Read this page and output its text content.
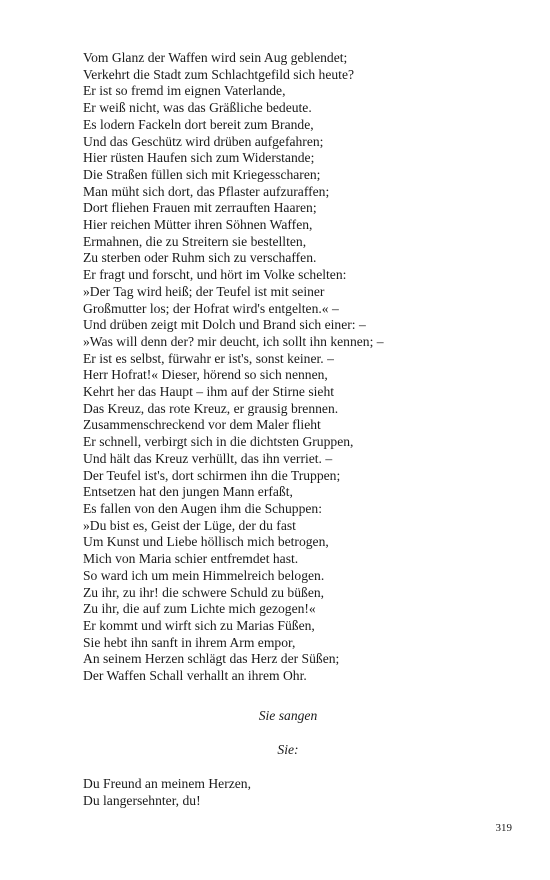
Vom Glanz der Waffen wird sein Aug geblendet;

Verkehrt die Stadt zum Schlachtgefild sich heute?

Er ist so fremd im eignen Vaterlande,

Er weiß nicht, was das Gräßliche bedeute.

Es lodern Fackeln dort bereit zum Brande,

Und das Geschütz wird drüben aufgefahren;

Hier rüsten Haufen sich zum Widerstande;

Die Straßen füllen sich mit Kriegesscharen;

Man müht sich dort, das Pflaster aufzuraffen;

Dort fliehen Frauen mit zerrauften Haaren;

Hier reichen Mütter ihren Söhnen Waffen,

Ermahnen, die zu Streitern sie bestellten,

Zu sterben oder Ruhm sich zu verschaffen.

Er fragt und forscht, und hört im Volke schelten:

»Der Tag wird heiß; der Teufel ist mit seiner

Großmutter los; der Hofrat wird's entgelten.« –

Und drüben zeigt mit Dolch und Brand sich einer: –

»Was will denn der? mir deucht, ich sollt ihn kennen; –

Er ist es selbst, fürwahr er ist's, sonst keiner. –

Herr Hofrat!« Dieser, hörend so sich nennen,

Kehrt her das Haupt – ihm auf der Stirne sieht

Das Kreuz, das rote Kreuz, er grausig brennen.

Zusammenschreckend vor dem Maler flieht

Er schnell, verbirgt sich in die dichtsten Gruppen,

Und hält das Kreuz verhüllt, das ihn verriet. –

Der Teufel ist's, dort schirmen ihn die Truppen;

Entsetzen hat den jungen Mann erfaßt,

Es fallen von den Augen ihm die Schuppen:

»Du bist es, Geist der Lüge, der du fast

Um Kunst und Liebe höllisch mich betrogen,

Mich von Maria schier entfremdet hast.

So ward ich um mein Himmelreich belogen.

Zu ihr, zu ihr! die schwere Schuld zu büßen,

Zu ihr, die auf zum Lichte mich gezogen!«

Er kommt und wirft sich zu Marias Füßen,

Sie hebt ihn sanft in ihrem Arm empor,

An seinem Herzen schlägt das Herz der Süßen;

Der Waffen Schall verhallt an ihrem Ohr.

Sie sangen
Sie:

Du Freund an meinem Herzen,

Du langersehnter, du!

319
